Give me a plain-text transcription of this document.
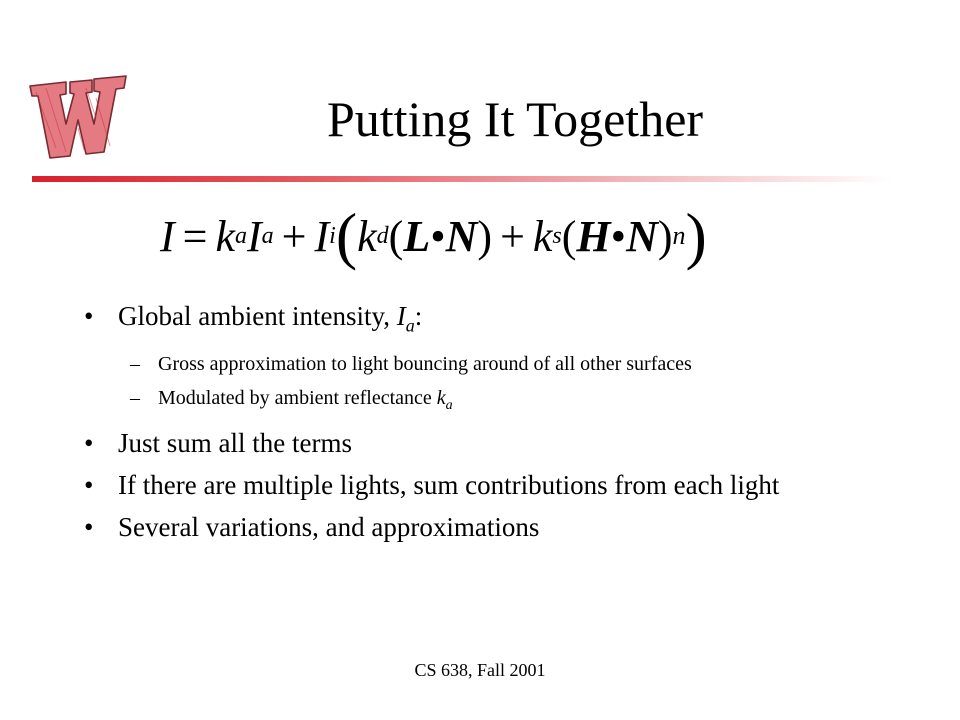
Putting It Together
I = k a I a + I i ( k d ( L • N ) + k s ( H • N ) n )
• Global ambient intensity, $I_a$:
– Gross approximation to light bouncing around of all other surfaces
– Modulated by ambient reflectance $k_a$
• Just sum all the terms
• If there are multiple lights, sum contributions from each light
• Several variations, and approximations
CS 638, Fall 2001
